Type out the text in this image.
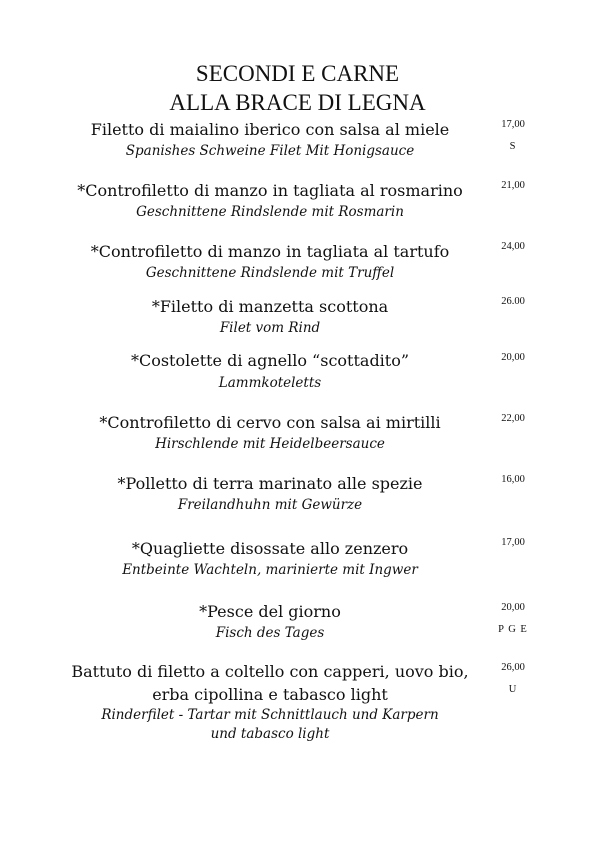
SECONDI E CARNE
ALLA BRACE DI LEGNA
Filetto di maialino iberico con salsa al miele
Spanishes Schweine Filet Mit Honigsauce
17,00
S
*Controfiletto di manzo in tagliata al rosmarino
Geschnittene Rindslende mit Rosmarin
21,00
*Controfiletto di manzo in tagliata al tartufo
Geschnittene Rindslende mit Truffel
24,00
*Filetto di manzetta scottona
Filet vom Rind
26.00
*Costolette di agnello “scottadito”
Lammkoteletts
20,00
*Controfiletto di cervo con salsa ai mirtilli
Hirschlende mit Heidelbeersauce
22,00
*Polletto di terra marinato alle spezie
Freilandhuhn mit Gewürze
16,00
*Quagliette disossate allo zenzero
Entbeinte Wachteln, marinierte mit Ingwer
17,00
*Pesce del giorno
Fisch des Tages
20,00
P G E
Battuto di filetto a coltello con capperi, uovo bio,
erba cipollina e tabasco light
Rinderfilet - Tartar mit Schnittlauch und Karpern
und tabasco light
26,00
U
